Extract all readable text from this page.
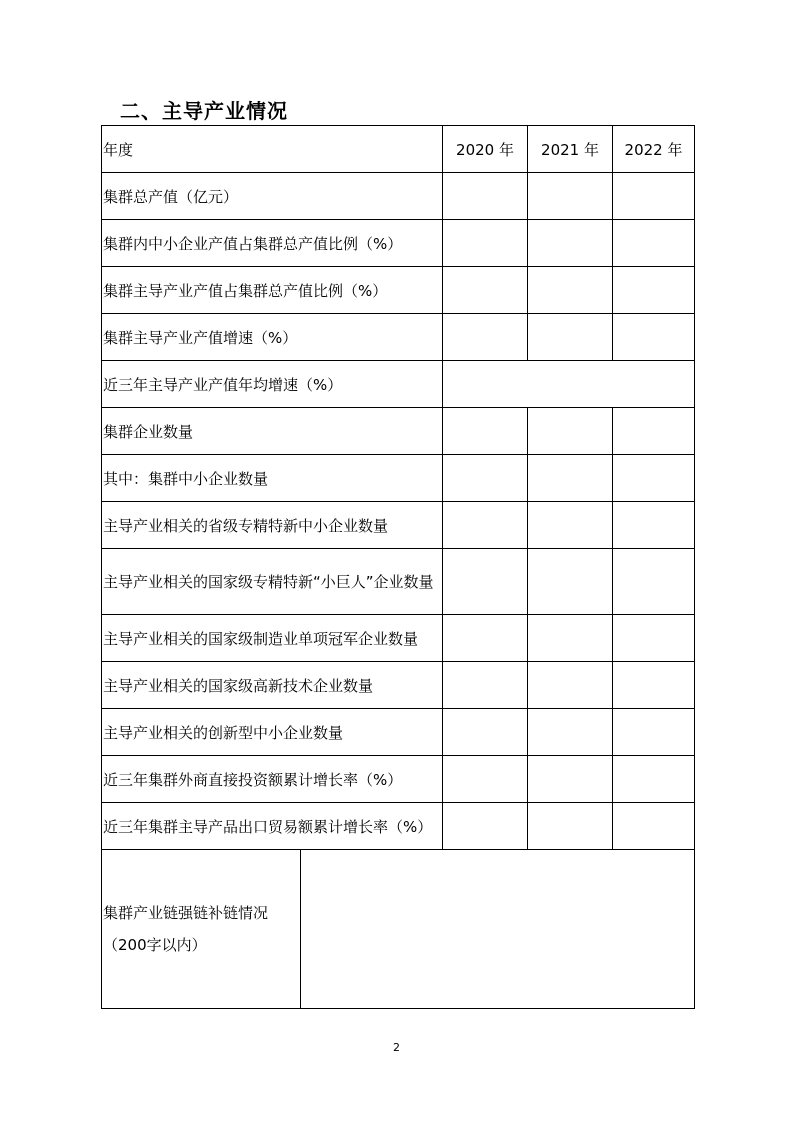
二、主导产业情况
年度		2020 年	2021 年	2022 年
集群总产值（亿元）				
集群内中小企业产值占集群总产值比例（%）				
集群主导产业产值占集群总产值比例（%）				
集群主导产业产值增速（%）				
近三年主导产业产值年均增速（%）				
集群企业数量				
其中：集群中小企业数量				
主导产业相关的省级专精特新中小企业数量				
主导产业相关的国家级专精特新“小巨人”企业数量				
主导产业相关的国家级制造业单项冠军企业数量				
主导产业相关的国家级高新技术企业数量				
主导产业相关的创新型中小企业数量				
近三年集群外商直接投资额累计增长率（%）				
近三年集群主导产品出口贸易额累计增长率（%）				
集群产业链强链补链情况
（200字以内）				
2
